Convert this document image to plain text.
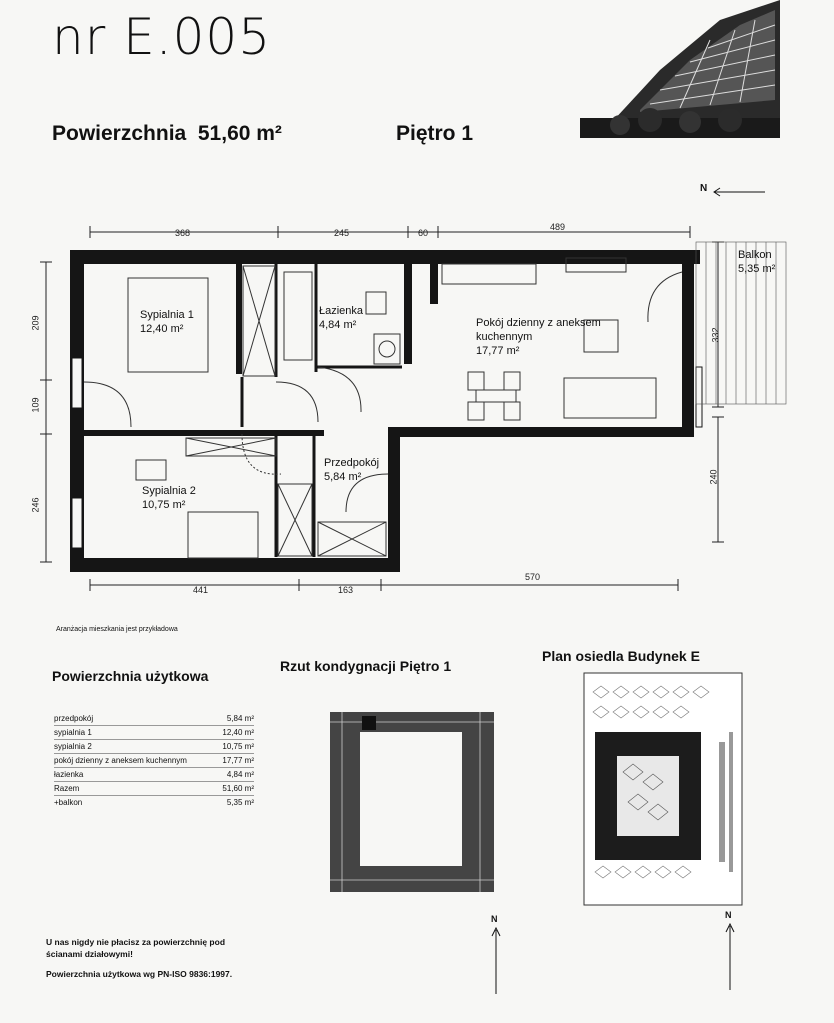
nr E.005
Powierzchnia 51,60 m²	Piętro 1
N
368	245	60
489
441	163
570
209
109
246
332
240
Sypialnia 1
12,40 m²
Łazienka
4,84 m²	Pokój dzienny z aneksem kuchennym
17,77 m²
Balkon
5,35 m²
Przedpokój
5,84 m²
Sypialnia 2
10,75 m²
Aranżacja mieszkania jest przykładowa
Powierzchnia użytkowa
przedpokój	5,84 m²
sypialnia 1	12,40 m²
sypialnia 2	10,75 m²
pokój dzienny z aneksem kuchennym	17,77 m²
łazienka	4,84 m²
Razem	51,60 m²
+balkon	5,35 m²
Rzut kondygnacji Piętro 1
N
Plan osiedla Budynek E
N
U nas nigdy nie płacisz za powierzchnię pod ścianami działowymi!
Powierzchnia użytkowa wg PN-ISO 9836:1997.
